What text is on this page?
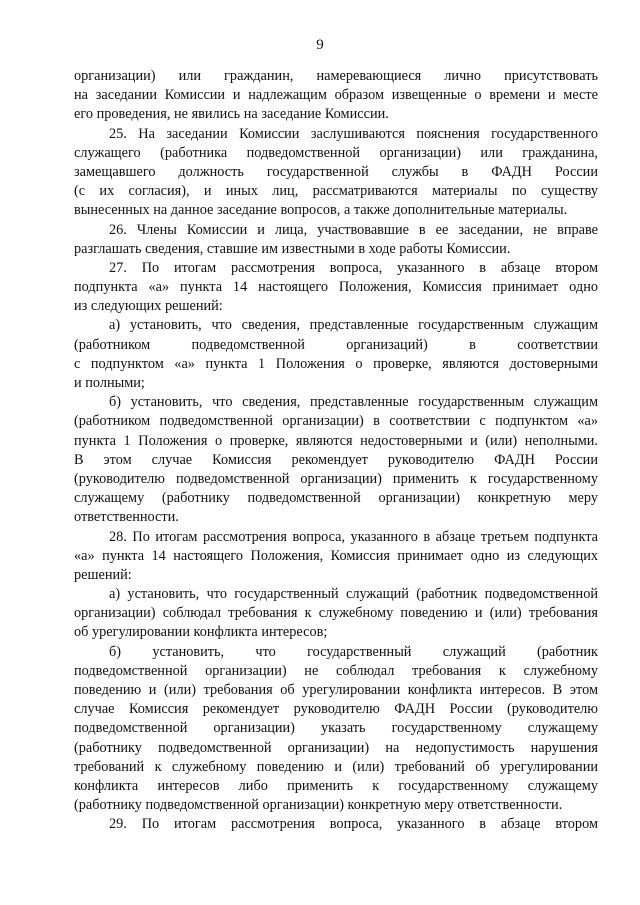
9
организации) или гражданин, намеревающиеся лично присутствовать
на заседании Комиссии и надлежащим образом извещенные о времени и месте
его проведения, не явились на заседание Комиссии.
25. На заседании Комиссии заслушиваются пояснения государственного
служащего (работника подведомственной организации) или гражданина,
замещавшего должность государственной службы в ФАДН России
(с их согласия), и иных лиц, рассматриваются материалы по существу
вынесенных на данное заседание вопросов, а также дополнительные материалы.
26. Члены Комиссии и лица, участвовавшие в ее заседании, не вправе
разглашать сведения, ставшие им известными в ходе работы Комиссии.
27. По итогам рассмотрения вопроса, указанного в абзаце втором
подпункта «а» пункта 14 настоящего Положения, Комиссия принимает одно
из следующих решений:
а) установить, что сведения, представленные государственным служащим
(работником подведомственной организаций) в соответствии
с подпунктом «а» пункта 1 Положения о проверке, являются достоверными
и полными;
б) установить, что сведения, представленные государственным служащим
(работником подведомственной организации) в соответствии с подпунктом «а»
пункта 1 Положения о проверке, являются недостоверными и (или) неполными.
В этом случае Комиссия рекомендует руководителю ФАДН России
(руководителю подведомственной организации) применить к государственному
служащему (работнику подведомственной организации) конкретную меру
ответственности.
28. По итогам рассмотрения вопроса, указанного в абзаце третьем подпункта
«а» пункта 14 настоящего Положения, Комиссия принимает одно из следующих
решений:
а) установить, что государственный служащий (работник подведомственной
организации) соблюдал требования к служебному поведению и (или) требования
об урегулировании конфликта интересов;
б) установить, что государственный служащий (работник
подведомственной организации) не соблюдал требования к служебному
поведению и (или) требования об урегулировании конфликта интересов. В этом
случае Комиссия рекомендует руководителю ФАДН России (руководителю
подведомственной организации) указать государственному служащему
(работнику подведомственной организации) на недопустимость нарушения
требований к служебному поведению и (или) требований об урегулировании
конфликта интересов либо применить к государственному служащему
(работнику подведомственной организации) конкретную меру ответственности.
29. По итогам рассмотрения вопроса, указанного в абзаце втором
